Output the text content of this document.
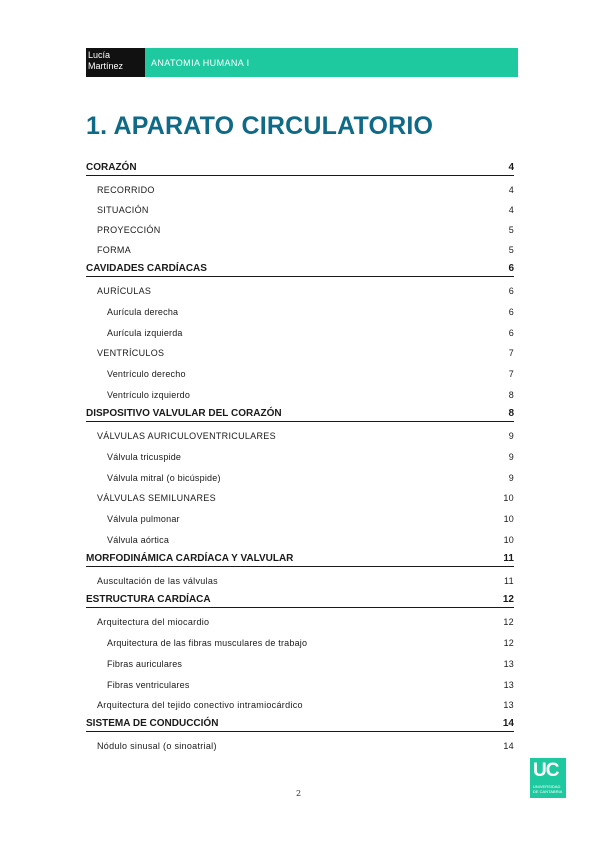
Lucía Martínez	ANATOMIA HUMANA I
1. APARATO CIRCULATORIO
CORAZÓN	4
RECORRIDO	4
SITUACIÓN	4
PROYECCIÓN	5
FORMA	5
CAVIDADES CARDÍACAS	6
AURÍCULAS	6
Aurícula derecha	6
Aurícula izquierda	6
VENTRÍCULOS	7
Ventrículo derecho	7
Ventrículo izquierdo	8
DISPOSITIVO VALVULAR DEL CORAZÓN	8
VÁLVULAS AURICULOVENTRICULARES	9
Válvula tricuspide	9
Válvula mitral (o bicúspide)	9
VÁLVULAS SEMILUNARES	10
Válvula pulmonar	10
Válvula aórtica	10
MORFODINÁMICA CARDÍACA Y VALVULAR	11
Auscultación de las válvulas	11
ESTRUCTURA CARDÍACA	12
Arquitectura del miocardio	12
Arquitectura de las fibras musculares de trabajo	12
Fibras auriculares	13
Fibras ventriculares	13
Arquitectura del tejido conectivo intramiocárdico	13
SISTEMA DE CONDUCCIÓN	14
Nódulo sinusal (o sinoatrial)	14
UC
UNIVERSIDAD DE CANTABRIA
2
